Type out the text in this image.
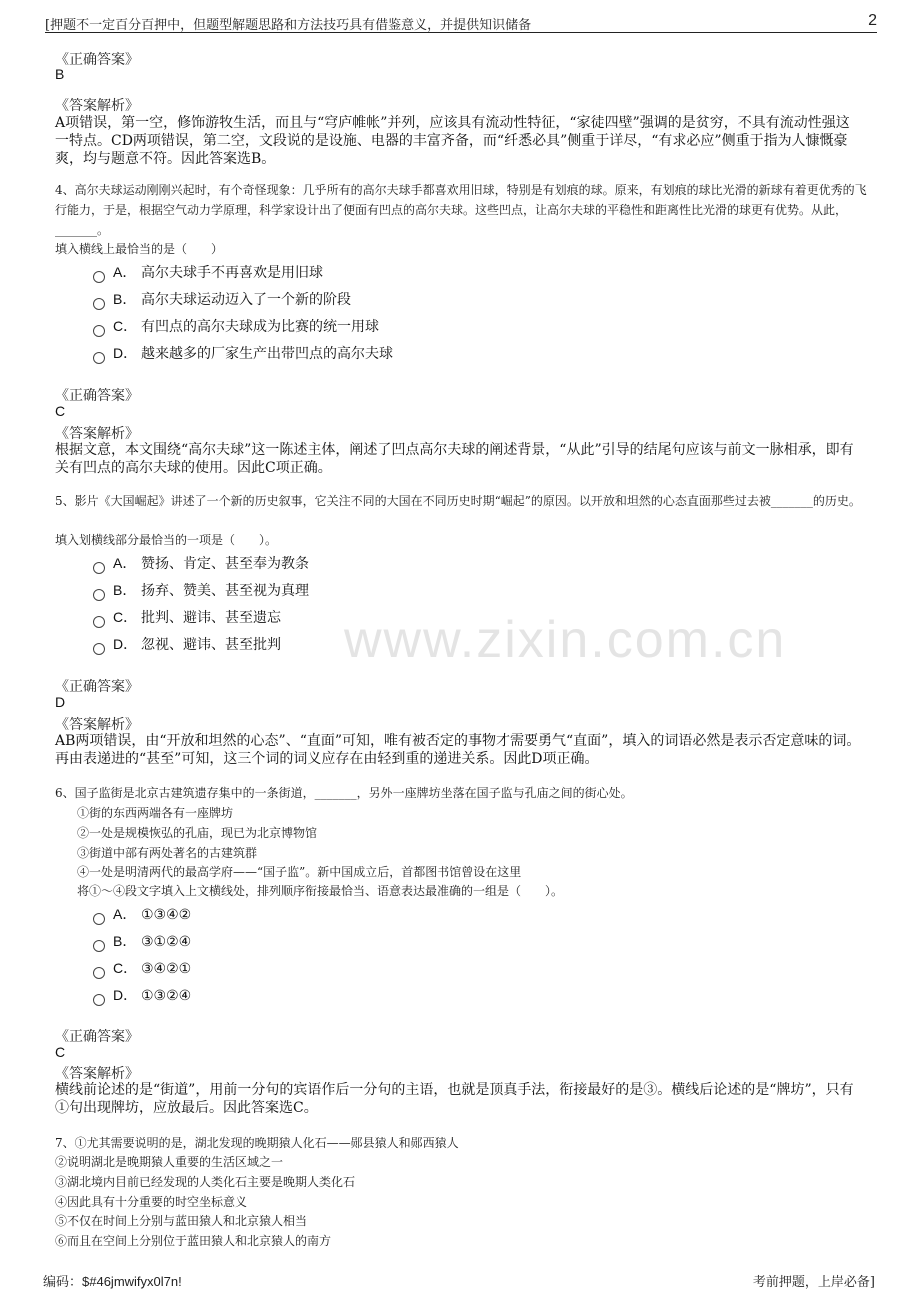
[押题不一定百分百押中，但题型解题思路和方法技巧具有借鉴意义，并提供知识储备	2
www.zixin.com.cn
《正确答案》
B
《答案解析》
A项错误，第一空，修饰游牧生活，而且与“穹庐帷帐”并列，应该具有流动性特征，“家徒四壁”强调的是贫穷，不具有流动性强这一特点。CD两项错误，第二空，文段说的是设施、电器的丰富齐备，而“纤悉必具”侧重于详尽，“有求必应”侧重于指为人慷慨豪爽，均与题意不符。因此答案选B。
4、高尔夫球运动刚刚兴起时，有个奇怪现象：几乎所有的高尔夫球手都喜欢用旧球，特别是有划痕的球。原来，有划痕的球比光滑的新球有着更优秀的飞行能力，于是，根据空气动力学原理，科学家设计出了便面有凹点的高尔夫球。这些凹点，让高尔夫球的平稳性和距离性比光滑的球更有优势。从此，_______。
填入横线上最恰当的是（　　）
A． 高尔夫球手不再喜欢是用旧球
B． 高尔夫球运动迈入了一个新的阶段
C． 有凹点的高尔夫球成为比赛的统一用球
D． 越来越多的厂家生产出带凹点的高尔夫球
《正确答案》
C
《答案解析》
根据文意，本文围绕“高尔夫球”这一陈述主体，阐述了凹点高尔夫球的阐述背景，“从此”引导的结尾句应该与前文一脉相承，即有关有凹点的高尔夫球的使用。因此C项正确。
5、影片《大国崛起》讲述了一个新的历史叙事，它关注不同的大国在不同历史时期“崛起”的原因。以开放和坦然的心态直面那些过去被_______的历史。
填入划横线部分最恰当的一项是（　　）。
A． 赞扬、肯定、甚至奉为教条
B． 扬弃、赞美、甚至视为真理
C． 批判、避讳、甚至遗忘
D． 忽视、避讳、甚至批判
《正确答案》
D
《答案解析》
AB两项错误，由“开放和坦然的心态”、“直面”可知，唯有被否定的事物才需要勇气“直面”，填入的词语必然是表示否定意味的词。再由表递进的“甚至”可知，这三个词的词义应存在由轻到重的递进关系。因此D项正确。
6、国子监街是北京古建筑遗存集中的一条街道，_______，另外一座牌坊坐落在国子监与孔庙之间的街心处。
①街的东西两端各有一座牌坊
②一处是规模恢弘的孔庙，现已为北京博物馆
③街道中部有两处著名的古建筑群
④一处是明清两代的最高学府——“国子监”。新中国成立后，首都图书馆曾设在这里
将①～④段文字填入上文横线处，排列顺序衔接最恰当、语意表达最准确的一组是（　　）。
A． ①③④②
B． ③①②④
C． ③④②①
D． ①③②④
《正确答案》
C
《答案解析》
横线前论述的是“街道”，用前一分句的宾语作后一分句的主语，也就是顶真手法，衔接最好的是③。横线后论述的是“牌坊”，只有①句出现牌坊，应放最后。因此答案选C。
7、①尤其需要说明的是，湖北发现的晚期猿人化石——郧县猿人和郧西猿人
②说明湖北是晚期猿人重要的生活区域之一
③湖北境内目前已经发现的人类化石主要是晚期人类化石
④因此具有十分重要的时空坐标意义
⑤不仅在时间上分别与蓝田猿人和北京猿人相当
⑥而且在空间上分别位于蓝田猿人和北京猿人的南方
编码：$#46jmwifyx0l7n!	考前押题，上岸必备]
